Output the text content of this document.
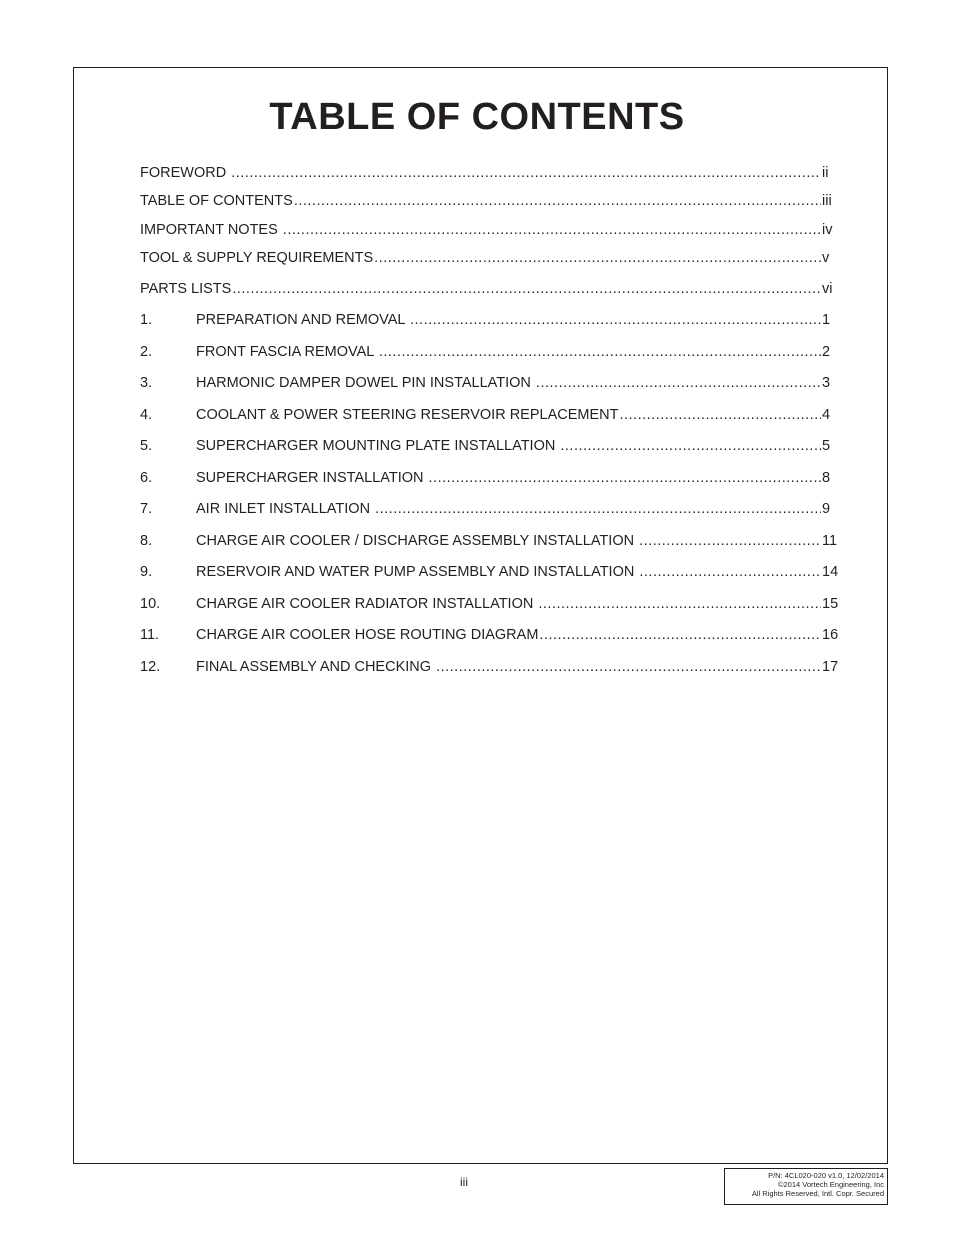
TABLE OF CONTENTS
FOREWORD .....	ii
TABLE OF CONTENTS .....	iii
IMPORTANT NOTES .....	iv
TOOL & SUPPLY REQUIREMENTS .....	v
PARTS LISTS .....	vi
1.	PREPARATION AND REMOVAL .....	1
2.	FRONT FASCIA REMOVAL .....	2
3.	HARMONIC DAMPER DOWEL PIN INSTALLATION .....	3
4.	COOLANT & POWER STEERING RESERVOIR REPLACEMENT .....	4
5.	SUPERCHARGER MOUNTING PLATE INSTALLATION .....	5
6.	SUPERCHARGER INSTALLATION .....	8
7.	AIR INLET INSTALLATION .....	9
8.	CHARGE AIR COOLER / DISCHARGE ASSEMBLY INSTALLATION .....	11
9.	RESERVOIR AND WATER PUMP ASSEMBLY AND INSTALLATION .....	14
10.	CHARGE AIR COOLER RADIATOR INSTALLATION .....	15
11.	CHARGE AIR COOLER HOSE ROUTING DIAGRAM .....	16
12.	FINAL ASSEMBLY AND CHECKING .....	17
iii	P/N: 4CL020-020 v1.0, 12/02/2014
©2014 Vortech Engineering, Inc
All Rights Reserved, Intl. Copr. Secured
